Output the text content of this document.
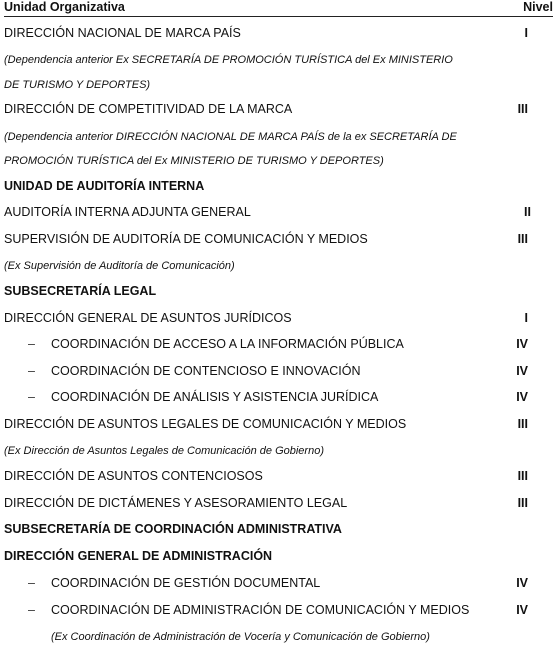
Unidad Organizativa	Nivel
DIRECCIÓN NACIONAL DE MARCA PAÍS	I
(Dependencia anterior Ex SECRETARÍA DE PROMOCIÓN TURÍSTICA del Ex MINISTERIO
DE TURISMO Y DEPORTES)
DIRECCIÓN DE COMPETITIVIDAD DE LA MARCA	III
(Dependencia anterior DIRECCIÓN NACIONAL DE MARCA PAÍS de la ex SECRETARÍA DE
PROMOCIÓN TURÍSTICA del Ex MINISTERIO DE TURISMO Y DEPORTES)
UNIDAD DE AUDITORÍA INTERNA
AUDITORÍA INTERNA ADJUNTA GENERAL	II
SUPERVISIÓN DE AUDITORÍA DE COMUNICACIÓN Y MEDIOS	III
(Ex Supervisión de Auditoría de Comunicación)
SUBSECRETARÍA LEGAL
DIRECCIÓN GENERAL DE ASUNTOS JURÍDICOS	I
– COORDINACIÓN DE ACCESO A LA INFORMACIÓN PÚBLICA	IV
– COORDINACIÓN DE CONTENCIOSO E INNOVACIÓN	IV
– COORDINACIÓN DE ANÁLISIS Y ASISTENCIA JURÍDICA	IV
DIRECCIÓN DE ASUNTOS LEGALES DE COMUNICACIÓN Y MEDIOS	III
(Ex Dirección de Asuntos Legales de Comunicación de Gobierno)
DIRECCIÓN DE ASUNTOS CONTENCIOSOS	III
DIRECCIÓN DE DICTÁMENES Y ASESORAMIENTO LEGAL	III
SUBSECRETARÍA DE COORDINACIÓN ADMINISTRATIVA
DIRECCIÓN GENERAL DE ADMINISTRACIÓN
– COORDINACIÓN DE GESTIÓN DOCUMENTAL	IV
– COORDINACIÓN DE ADMINISTRACIÓN DE COMUNICACIÓN Y MEDIOS	IV
(Ex Coordinación de Administración de Vocería y Comunicación de Gobierno)
